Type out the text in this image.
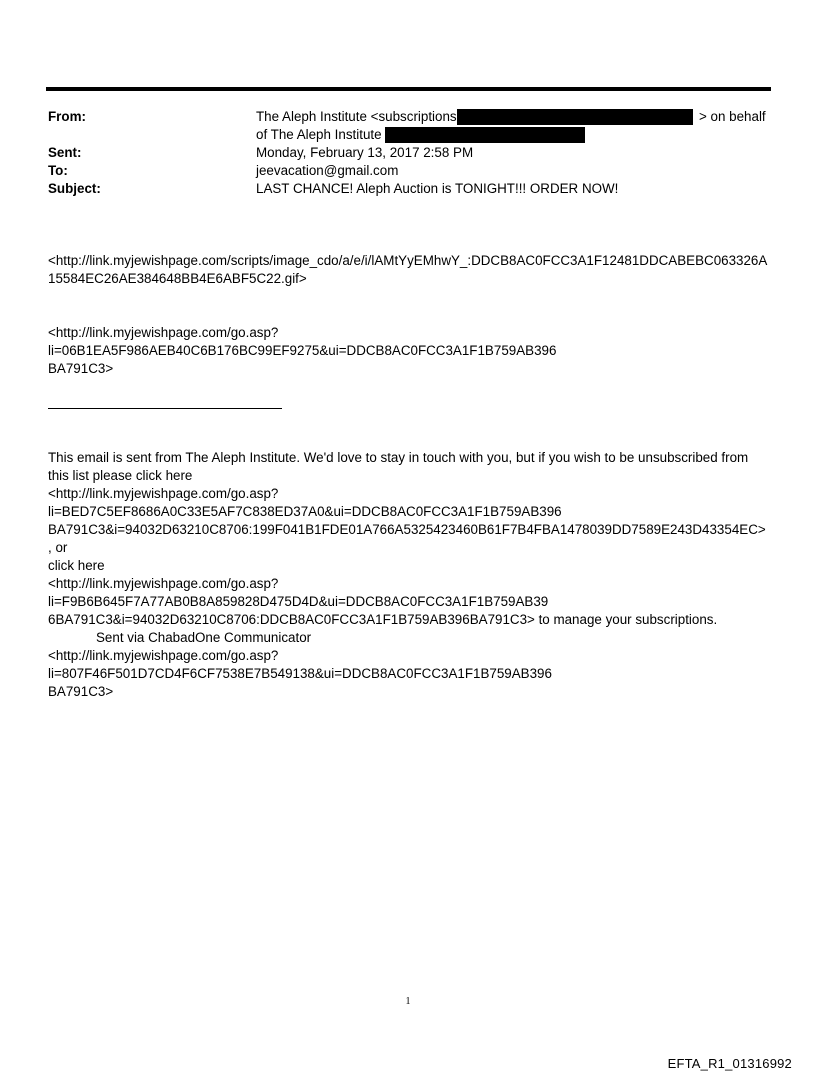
From:	The Aleph Institute <subscriptions	> on behalf
of The Aleph Institute
Sent:	Monday, February 13, 2017 2:58 PM
To:	jeevacation@gmail.com
Subject:	LAST CHANCE! Aleph Auction is TONIGHT!!! ORDER NOW!
<http://link.myjewishpage.com/scripts/image_cdo/a/e/i/lAMtYyEMhwY_:DDCB8AC0FCC3A1F12481DDCABEBC063326A
15584EC26AE384648BB4E6ABF5C22.gif>
<http://link.myjewishpage.com/go.asp?li=06B1EA5F986AEB40C6B176BC99EF9275&ui=DDCB8AC0FCC3A1F1B759AB396
BA791C3>
This email is sent from The Aleph Institute. We'd love to stay in touch with you, but if you wish to be unsubscribed from
this list please click here
<http://link.myjewishpage.com/go.asp?li=BED7C5EF8686A0C33E5AF7C838ED37A0&ui=DDCB8AC0FCC3A1F1B759AB396
BA791C3&i=94032D63210C8706:199F041B1FDE01A766A5325423460B61F7B4FBA1478039DD7589E243D43354EC> , or
click here
<http://link.myjewishpage.com/go.asp?li=F9B6B645F7A77AB0B8A859828D475D4D&ui=DDCB8AC0FCC3A1F1B759AB39
6BA791C3&i=94032D63210C8706:DDCB8AC0FCC3A1F1B759AB396BA791C3> to manage your subscriptions.
Sent via ChabadOne Communicator
<http://link.myjewishpage.com/go.asp?li=807F46F501D7CD4F6CF7538E7B549138&ui=DDCB8AC0FCC3A1F1B759AB396
BA791C3>
1
EFTA_R1_01316992
